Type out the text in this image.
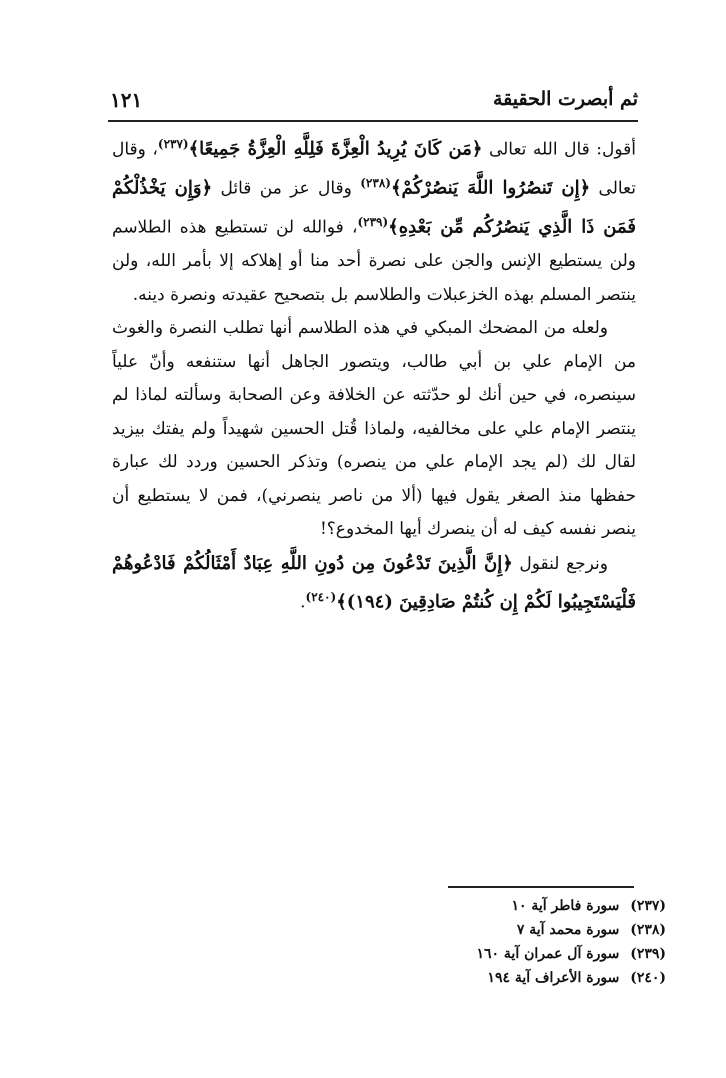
ثم أبصرت الحقيقة
١٢١

أقول: قال الله تعالى ﴿مَن كَانَ يُرِيدُ الْعِزَّةَ فَلِلَّهِ الْعِزَّةُ جَمِيعًا﴾$^{(٢٣٧)}$، وقال تعالى ﴿إِن تَنصُرُوا اللَّهَ يَنصُرْكُمْ﴾$^{(٢٣٨)}$ وقال عز من قائل ﴿وَإِن يَخْذُلْكُمْ فَمَن ذَا الَّذِي يَنصُرُكُم مِّن بَعْدِهِ﴾$^{(٢٣٩)}$، فوالله لن تستطيع هذه الطلاسم ولن يستطيع الإنس والجن على نصرة أحد منا أو إهلاكه إلا بأمر الله، ولن ينتصر المسلم بهذه الخزعبلات والطلاسم بل بتصحيح عقيدته ونصرة دينه.

ولعله من المضحك المبكي في هذه الطلاسم أنها تطلب النصرة والغوث من الإمام علي بن أبي طالب، ويتصور الجاهل أنها ستنفعه وأنّ علياً سينصره، في حين أنك لو حدّثته عن الخلافة وعن الصحابة وسألته لماذا لم ينتصر الإمام علي على مخالفيه، ولماذا قُتل الحسين شهيداً ولم يفتك بيزيد لقال لك (لم يجد الإمام علي من ينصره) وتذكر الحسين وردد لك عبارة حفظها منذ الصغر يقول فيها (ألا من ناصر ينصرني)، فمن لا يستطيع أن ينصر نفسه كيف له أن ينصرك أيها المخدوع؟!

ونرجع لنقول ﴿إِنَّ الَّذِينَ تَدْعُونَ مِن دُونِ اللَّهِ عِبَادٌ أَمْثَالُكُمْ فَادْعُوهُمْ فَلْيَسْتَجِيبُوا لَكُمْ إِن كُنتُمْ صَادِقِينَ (١٩٤)﴾$^{(٢٤٠)}$.

(٢٣٧) سورة فاطر آية ١٠
(٢٣٨) سورة محمد آية ٧
(٢٣٩) سورة آل عمران آية ١٦٠
(٢٤٠) سورة الأعراف آية ١٩٤
